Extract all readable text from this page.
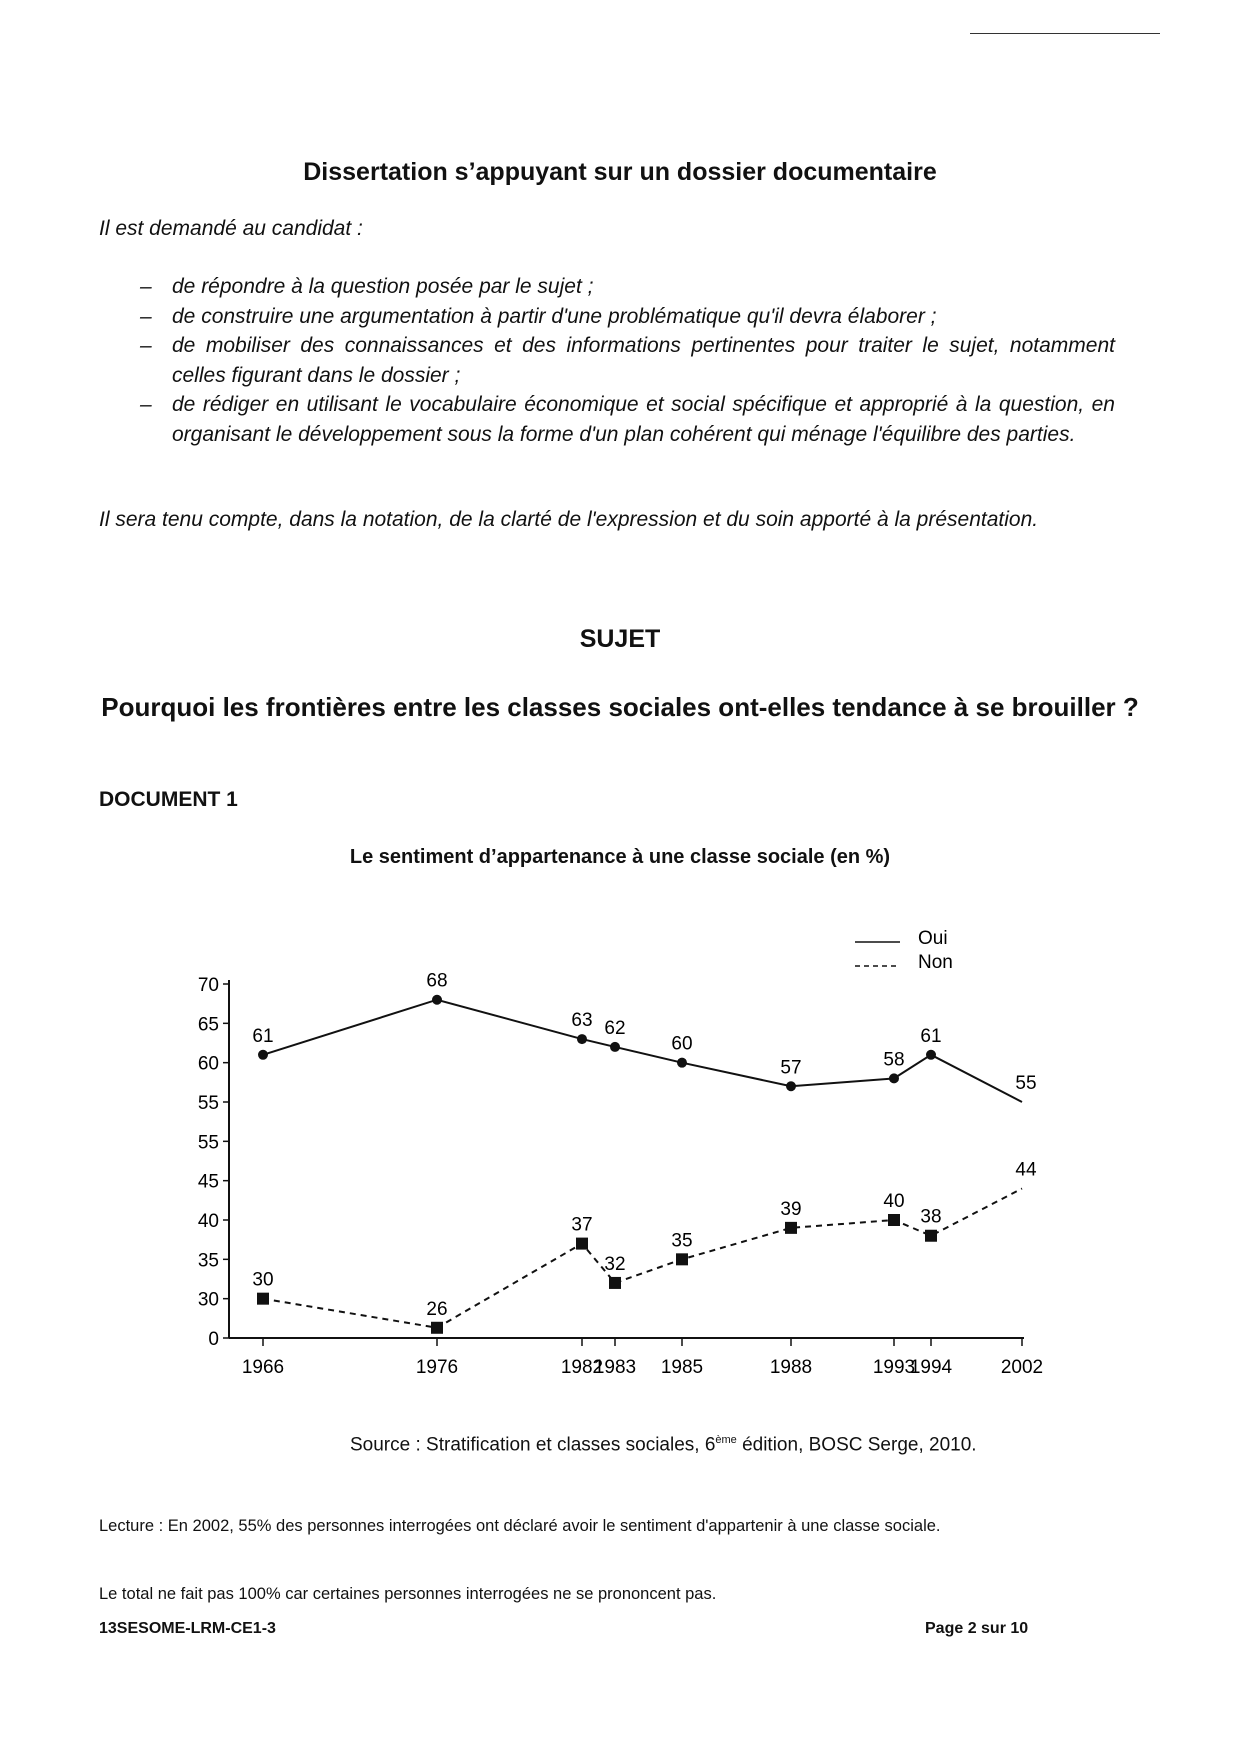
Dissertation s’appuyant sur un dossier documentaire
Il est demandé au candidat :
– de répondre à la question posée par le sujet ;
– de construire une argumentation à partir d'une problématique qu'il devra élaborer ;
– de mobiliser des connaissances et des informations pertinentes pour traiter le sujet, notamment celles figurant dans le dossier ;
– de rédiger en utilisant le vocabulaire économique et social spécifique et approprié à la question, en organisant le développement sous la forme d'un plan cohérent qui ménage l'équilibre des parties.
Il sera tenu compte, dans la notation, de la clarté de l'expression et du soin apporté à la présentation.
SUJET
Pourquoi les frontières entre les classes sociales ont-elles tendance à se brouiller ?
DOCUMENT 1
Le sentiment d’appartenance à une classe sociale (en %)
0
30
35
40
45
55
55
60
65
70
1966	1976	1982
1983 1985	1988	1993
1994	2002
61
68
63 62
60
57	58
61
55
30
26
37
32
35
39	40
38
44
Oui
Non
Source : Stratification et classes sociales, 6ème édition, BOSC Serge, 2010.
Lecture : En 2002, 55% des personnes interrogées ont déclaré avoir le sentiment d'appartenir à une classe sociale.
Le total ne fait pas 100% car certaines personnes interrogées ne se prononcent pas.
13SESOME-LRM-CE1-3	Page 2 sur 10
